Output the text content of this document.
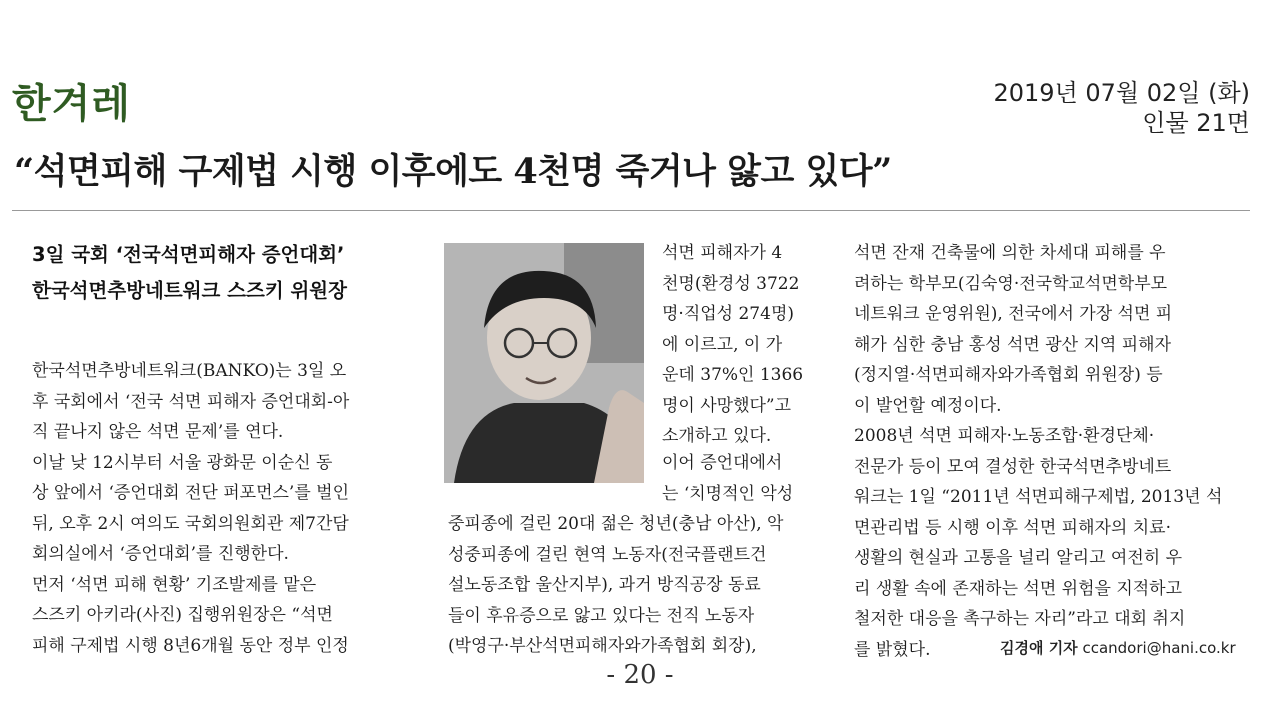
한겨레	2019년 07월 02일 (화)
인물 21면
“석면피해 구제법 시행 이후에도 4천명 죽거나 앓고 있다”
3일 국회 ‘전국석면피해자 증언대회’
한국석면추방네트워크 스즈키 위원장

한국석면추방네트워크(BANKO)는 3일 오

후 국회에서 ‘전국 석면 피해자 증언대회-아

직 끝나지 않은 석면 문제’를 연다.

이날 낮 12시부터 서울 광화문 이순신 동

상 앞에서 ‘증언대회 전단 퍼포먼스’를 벌인

뒤, 오후 2시 여의도 국회의원회관 제7간담

회의실에서 ‘증언대회’를 진행한다.

먼저 ‘석면 피해 현황’ 기조발제를 맡은

스즈키 아키라(사진) 집행위원장은 “석면

피해 구제법 시행 8년6개월 동안 정부 인정

석면 피해자가 4

천명(환경성 3722

명·직업성 274명)

에 이르고, 이 가

운데 37%인 1366

명이 사망했다”고

소개하고 있다.

이어 증언대에서

는 ‘치명적인 악성

중피종에 걸린 20대 젊은 청년(충남 아산), 악

성중피종에 걸린 현역 노동자(전국플랜트건

설노동조합 울산지부), 과거 방직공장 동료

들이 후유증으로 앓고 있다는 전직 노동자

(박영구·부산석면피해자와가족협회 회장),

석면 잔재 건축물에 의한 차세대 피해를 우

려하는 학부모(김숙영·전국학교석면학부모

네트워크 운영위원), 전국에서 가장 석면 피

해가 심한 충남 홍성 석면 광산 지역 피해자

(정지열·석면피해자와가족협회 위원장) 등

이 발언할 예정이다.

2008년 석면 피해자·노동조합·환경단체·

전문가 등이 모여 결성한 한국석면추방네트

워크는 1일 “2011년 석면피해구제법, 2013년 석

면관리법 등 시행 이후 석면 피해자의 치료·

생활의 현실과 고통을 널리 알리고 여전히 우

리 생활 속에 존재하는 석면 위험을 지적하고

철저한 대응을 촉구하는 자리”라고 대회 취지

를 밝혔다.	김경애 기자 ccandori@hani.co.kr
- 20 -
